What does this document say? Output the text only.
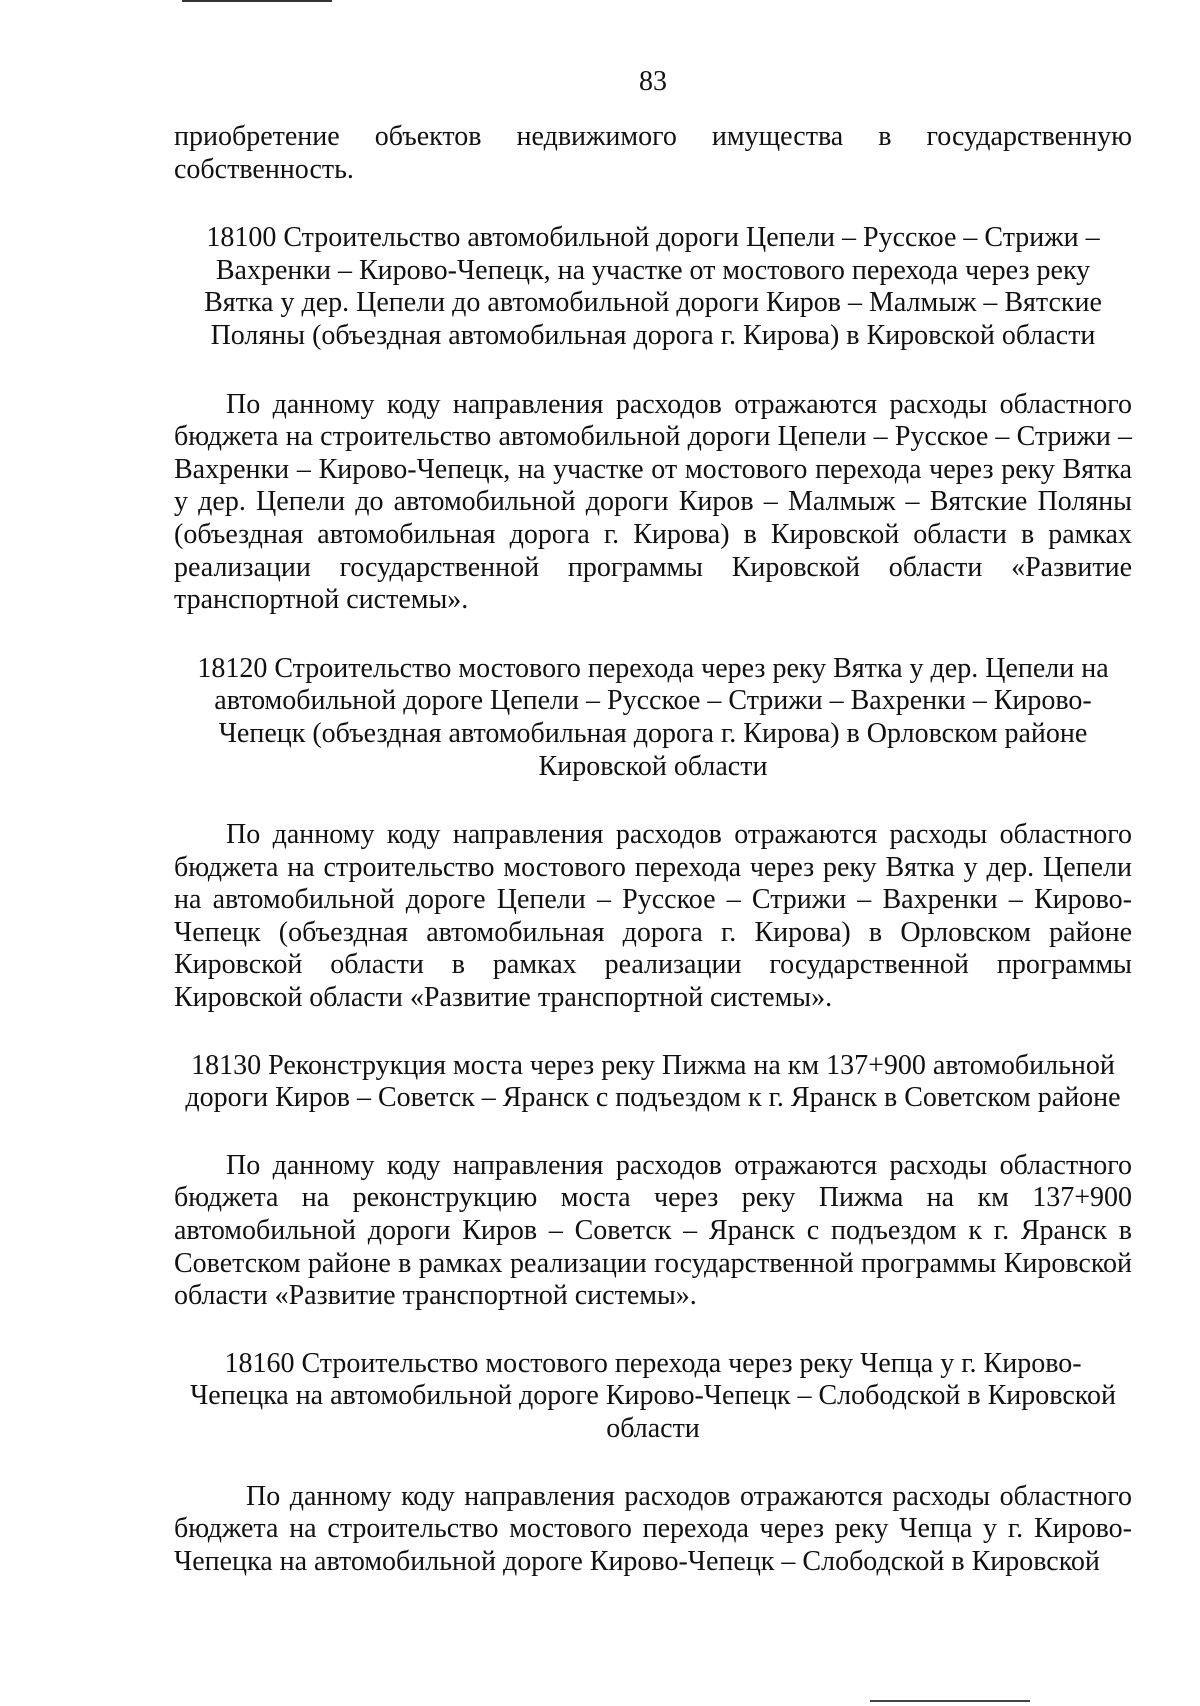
83

приобретение объектов недвижимого имущества в государственную собственность.

18100 Строительство автомобильной дороги Цепели – Русское – Стрижи – Вахренки – Кирово-Чепецк, на участке от мостового перехода через реку Вятка у дер. Цепели до автомобильной дороги Киров – Малмыж – Вятские Поляны (объездная автомобильная дорога г. Кирова) в Кировской области

По данному коду направления расходов отражаются расходы областного бюджета на строительство автомобильной дороги Цепели – Русское – Стрижи – Вахренки – Кирово-Чепецк, на участке от мостового перехода через реку Вятка у дер. Цепели до автомобильной дороги Киров – Малмыж – Вятские Поляны (объездная автомобильная дорога г. Кирова) в Кировской области в рамках реализации государственной программы Кировской области «Развитие транспортной системы».

18120 Строительство мостового перехода через реку Вятка у дер. Цепели на автомобильной дороге Цепели – Русское – Стрижи – Вахренки – Кирово-Чепецк (объездная автомобильная дорога г. Кирова) в Орловском районе Кировской области

По данному коду направления расходов отражаются расходы областного бюджета на строительство мостового перехода через реку Вятка у дер. Цепели на автомобильной дороге Цепели – Русское – Стрижи – Вахренки – Кирово-Чепецк (объездная автомобильная дорога г. Кирова) в Орловском районе Кировской области в рамках реализации государственной программы Кировской области «Развитие транспортной системы».

18130 Реконструкция моста через реку Пижма на км 137+900 автомобильной дороги Киров – Советск – Яранск с подъездом к г. Яранск в Советском районе

По данному коду направления расходов отражаются расходы областного бюджета на реконструкцию моста через реку Пижма на км 137+900 автомобильной дороги Киров – Советск – Яранск с подъездом к г. Яранск в Советском районе в рамках реализации государственной программы Кировской области «Развитие транспортной системы».

18160 Строительство мостового перехода через реку Чепца у г. Кирово-Чепецка на автомобильной дороге Кирово-Чепецк – Слободской в Кировской области

По данному коду направления расходов отражаются расходы областного бюджета на строительство мостового перехода через реку Чепца у г. Кирово-Чепецка на автомобильной дороге Кирово-Чепецк – Слободской в Кировской
